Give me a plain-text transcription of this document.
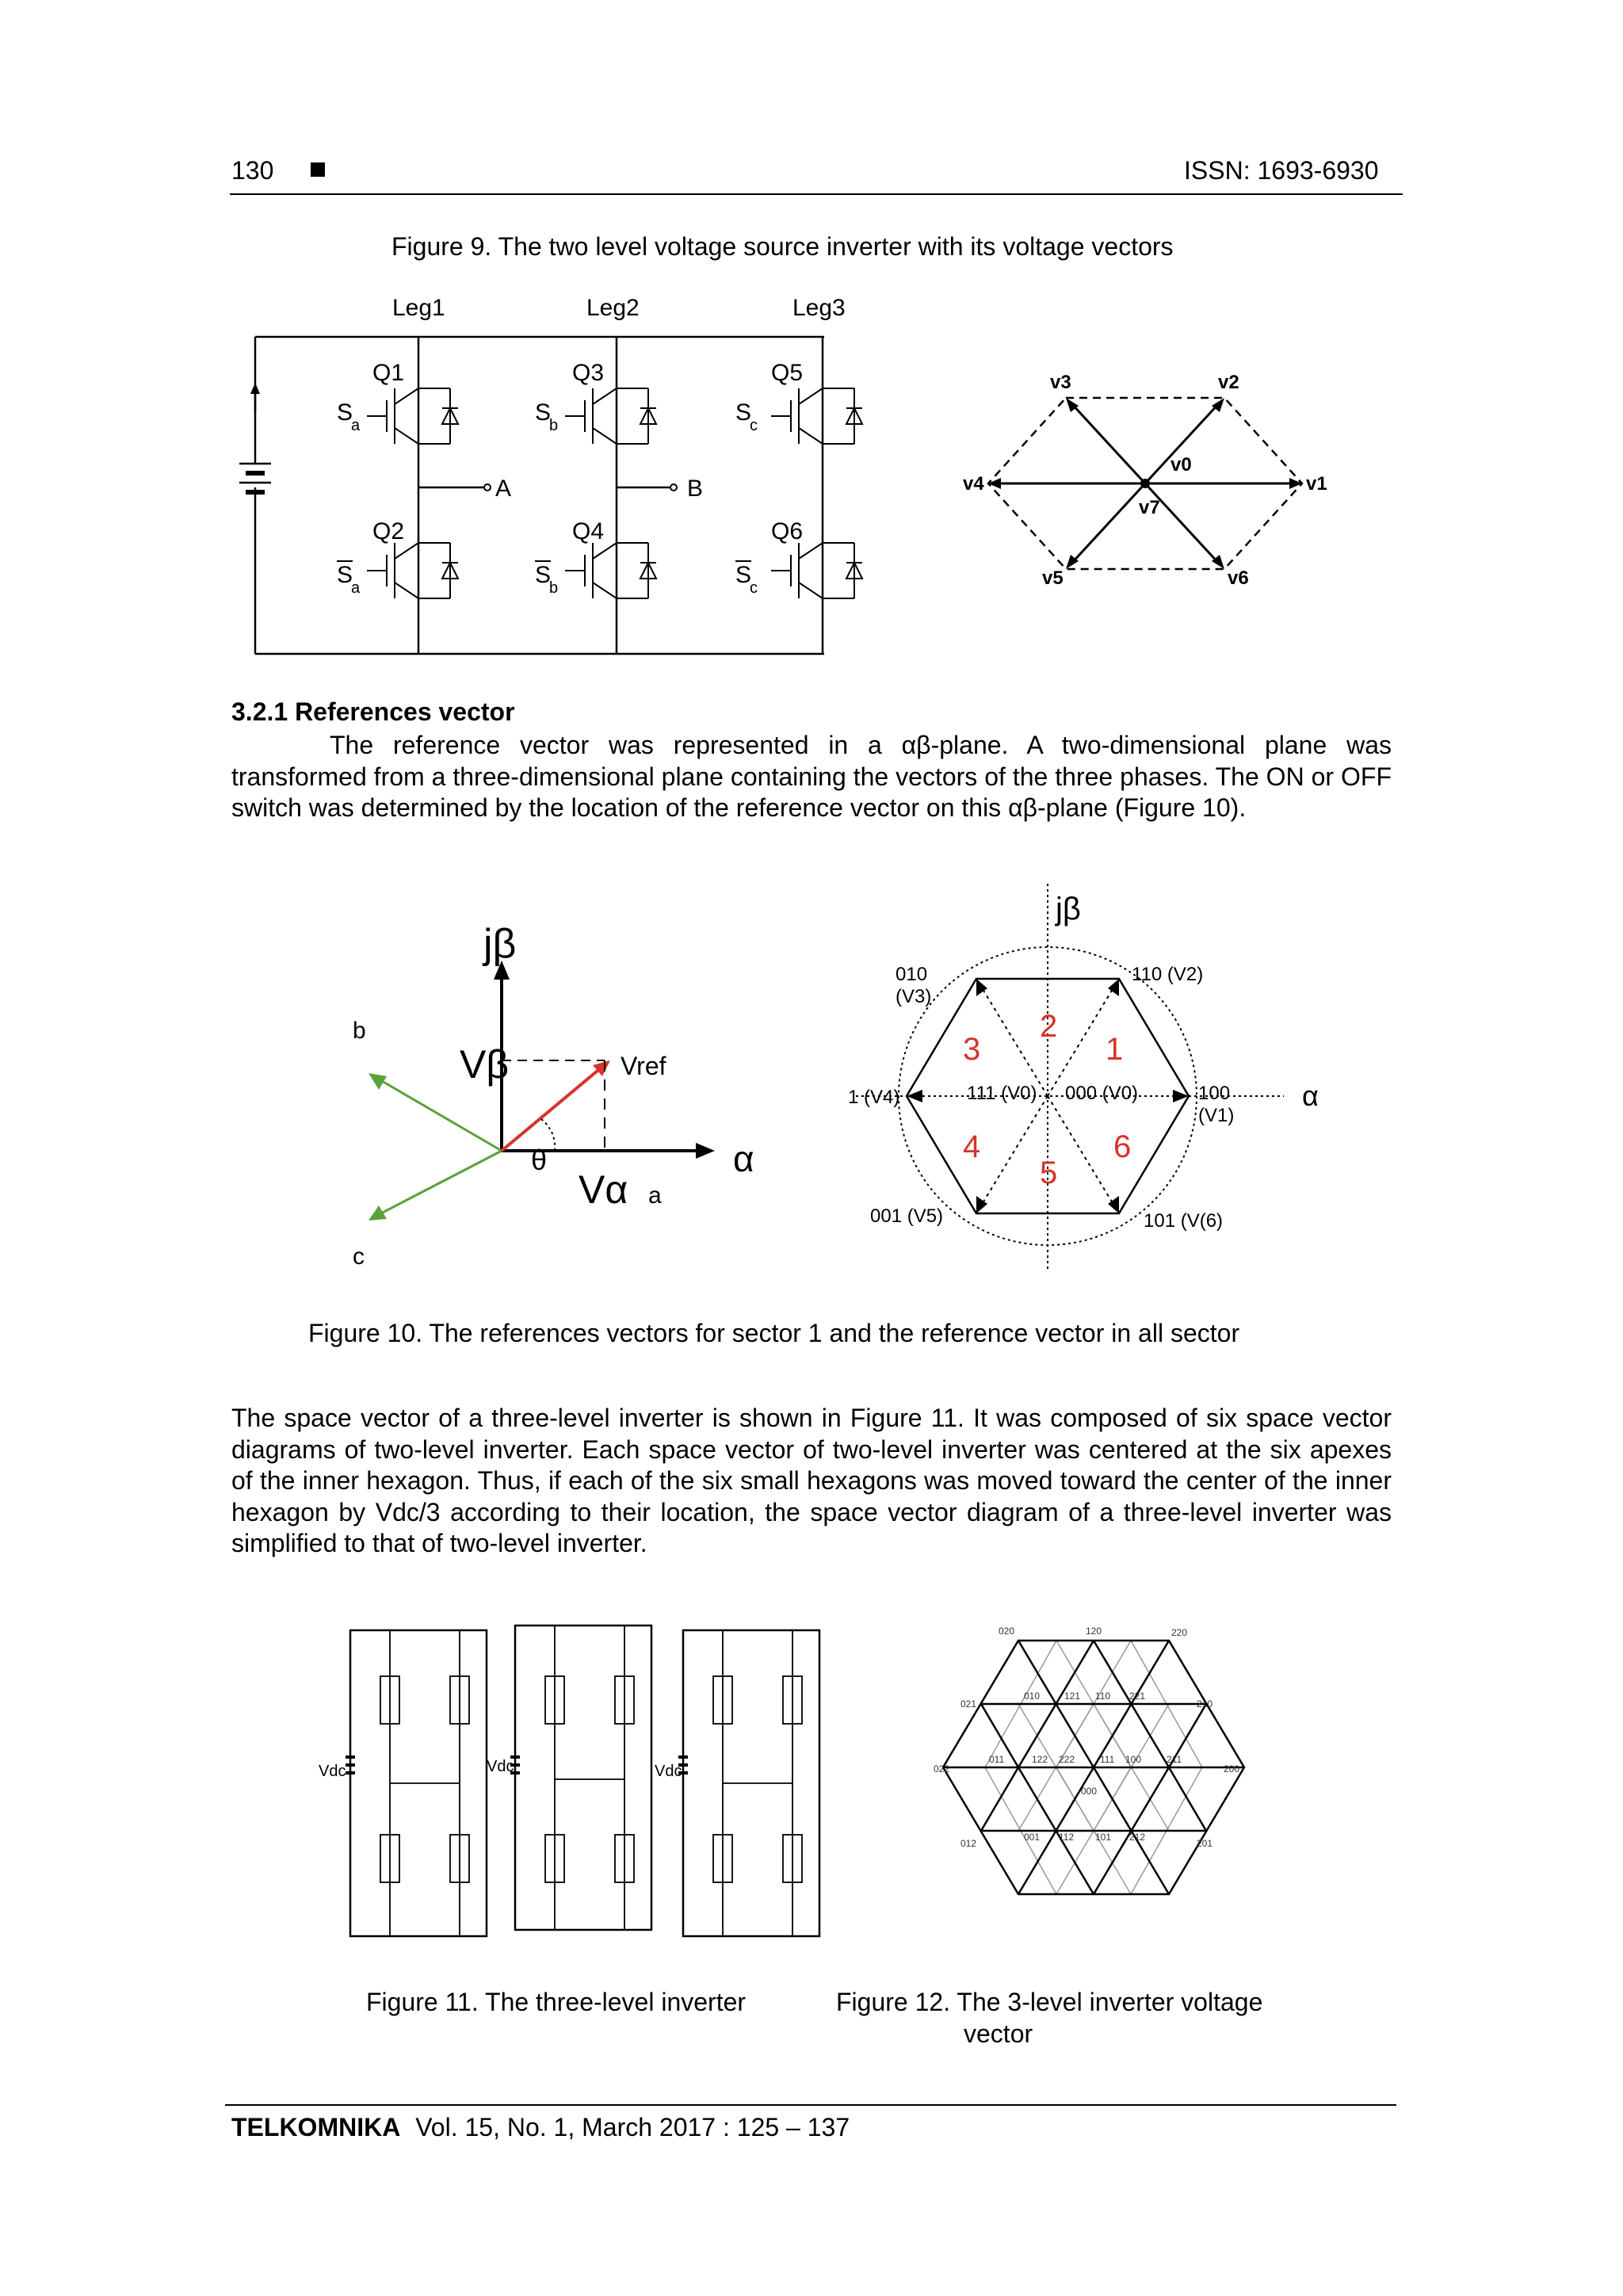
130	ISSN: 1693-6930
Figure 9. The two level voltage source inverter with its voltage vectors
Leg1	Leg2	Leg3
Q1
Q2
Q3
Q4
Q5
Q6
A	B
S
S
S
S
S
S
a
a
b
b
c
c
v3	v2
v4	v1
v0
v7
v5	v6
3.2.1 References vector

The reference vector was represented in a αβ-plane. A two-dimensional plane was transformed from a three-dimensional plane containing the vectors of the three phases. The ON or OFF switch was determined by the location of the reference vector on this αβ-plane (Figure 10).

jβ
α
b
c
a
Vβ
Vα
Vref
θ
jβ
α
010
(V3)
110 (V2)
1 (V4)	111 (V0) 000 (V0)	100
(V1)
001 (V5)	101 (V(6)
1
2
3
4
5
6
Figure 10. The references vectors for sector 1 and the reference vector in all sector

The space vector of a three-level inverter is shown in Figure 11. It was composed of six space vector diagrams of two-level inverter. Each space vector of two-level inverter was centered at the six apexes of the inner hexagon. Thus, if each of the six small hexagons was moved toward the center of the inner hexagon by Vdc/3 according to their location, the space vector diagram of a three-level inverter was simplified to that of two-level inverter.

Vdc	Vdc	Vdc
020	120	220
021	210
010	121 110 221
022	200
011	122 222	111 100	211
000
012	201
001 112 101 212
Figure 11. The three-level inverter	Figure 12. The 3-level inverter voltage
vector
TELKOMNIKA Vol. 15, No. 1, March 2017 : 125 – 137
